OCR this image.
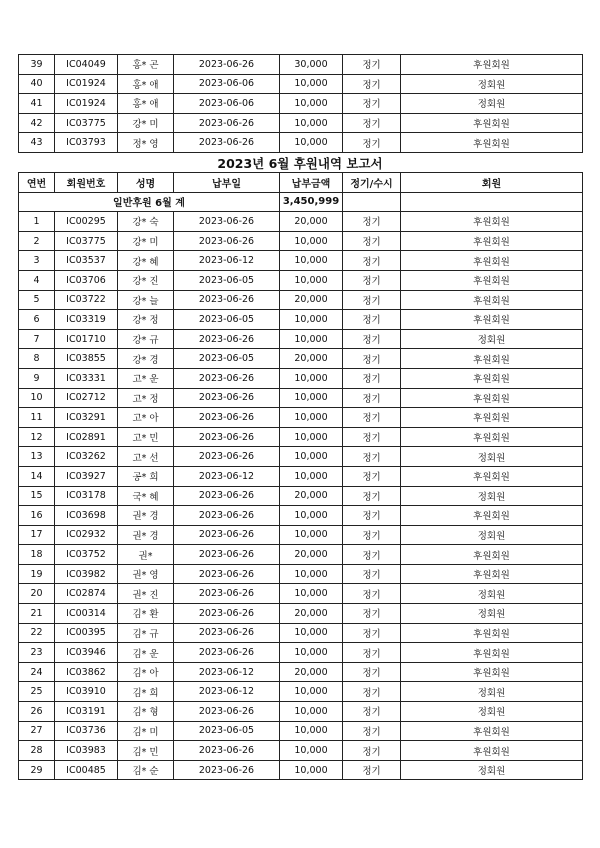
39	IC04049	홍* 곤	2023-06-26	30,000	정기	후원회원
40	IC01924	홍* 애	2023-06-06	10,000	정기	정회원
41	IC01924	홍* 애	2023-06-06	10,000	정기	정회원
42	IC03775	강* 미	2023-06-26	10,000	정기	후원회원
43	IC03793	정* 영	2023-06-26	10,000	정기	후원회원
2023년 6월 후원내역 보고서
연번	회원번호	성명	납부일	납부금액	정기/수시	회원
일반후원 6월 계				3,450,999		
1	IC00295	강* 숙	2023-06-26	20,000	정기	후원회원
2	IC03775	강* 미	2023-06-26	10,000	정기	후원회원
3	IC03537	강* 혜	2023-06-12	10,000	정기	후원회원
4	IC03706	강* 진	2023-06-05	10,000	정기	후원회원
5	IC03722	강* 늘	2023-06-26	20,000	정기	후원회원
6	IC03319	강* 정	2023-06-05	10,000	정기	후원회원
7	IC01710	강* 규	2023-06-26	10,000	정기	정회원
8	IC03855	강* 경	2023-06-05	20,000	정기	후원회원
9	IC03331	고* 운	2023-06-26	10,000	정기	후원회원
10	IC02712	고* 정	2023-06-26	10,000	정기	후원회원
11	IC03291	고* 아	2023-06-26	10,000	정기	후원회원
12	IC02891	고* 민	2023-06-26	10,000	정기	후원회원
13	IC03262	고* 선	2023-06-26	10,000	정기	정회원
14	IC03927	공* 희	2023-06-12	10,000	정기	후원회원
15	IC03178	국* 혜	2023-06-26	20,000	정기	정회원
16	IC03698	권* 경	2023-06-26	10,000	정기	후원회원
17	IC02932	권* 경	2023-06-26	10,000	정기	정회원
18	IC03752	권*	2023-06-26	20,000	정기	후원회원
19	IC03982	권* 영	2023-06-26	10,000	정기	후원회원
20	IC02874	권* 진	2023-06-26	10,000	정기	정회원
21	IC00314	김* 환	2023-06-26	20,000	정기	정회원
22	IC00395	김* 규	2023-06-26	10,000	정기	후원회원
23	IC03946	김* 운	2023-06-26	10,000	정기	후원회원
24	IC03862	김* 아	2023-06-12	20,000	정기	후원회원
25	IC03910	김* 희	2023-06-12	10,000	정기	정회원
26	IC03191	김* 형	2023-06-26	10,000	정기	정회원
27	IC03736	김* 미	2023-06-05	10,000	정기	후원회원
28	IC03983	김* 민	2023-06-26	10,000	정기	후원회원
29	IC00485	김* 순	2023-06-26	10,000	정기	정회원
